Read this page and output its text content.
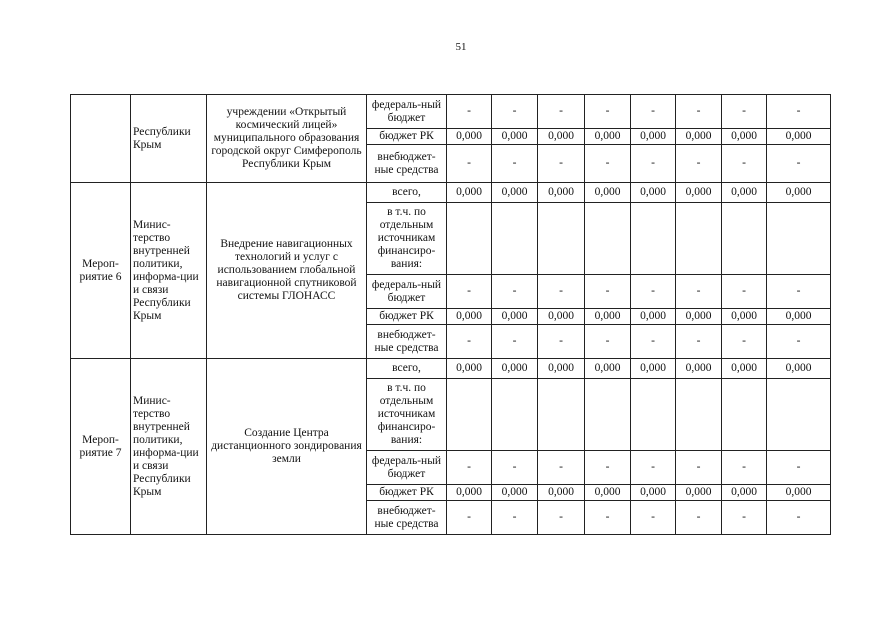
51
	Республики Крым	учреждении «Открытый космический лицей» муниципального образования городской округ Симферополь Республики Крым	федераль-ный бюджет	-	-	-	-	-	-	-	-
			бюджет РК	0,000	0,000	0,000	0,000	0,000	0,000	0,000	0,000
			внебюджет-ные средства	-	-	-	-	-	-	-	-
Мероп-риятие 6	Минис-терство внутренней политики, информа-ции и связи Республики Крым	Внедрение навигационных технологий и услуг с использованием глобальной навигационной спутниковой системы ГЛОНАСС	всего,	0,000	0,000	0,000	0,000	0,000	0,000	0,000	0,000
			в т.ч. по отдельным источникам финансиро-вания:								
			федераль-ный бюджет	-	-	-	-	-	-	-	-
			бюджет РК	0,000	0,000	0,000	0,000	0,000	0,000	0,000	0,000
			внебюджет-ные средства	-	-	-	-	-	-	-	-
Мероп-риятие 7	Минис-терство внутренней политики, информа-ции и связи Республики Крым	Создание Центра дистанционного зондирования земли	всего,	0,000	0,000	0,000	0,000	0,000	0,000	0,000	0,000
			в т.ч. по отдельным источникам финансиро-вания:								
			федераль-ный бюджет	-	-	-	-	-	-	-	-
			бюджет РК	0,000	0,000	0,000	0,000	0,000	0,000	0,000	0,000
			внебюджет-ные средства	-	-	-	-	-	-	-	-
